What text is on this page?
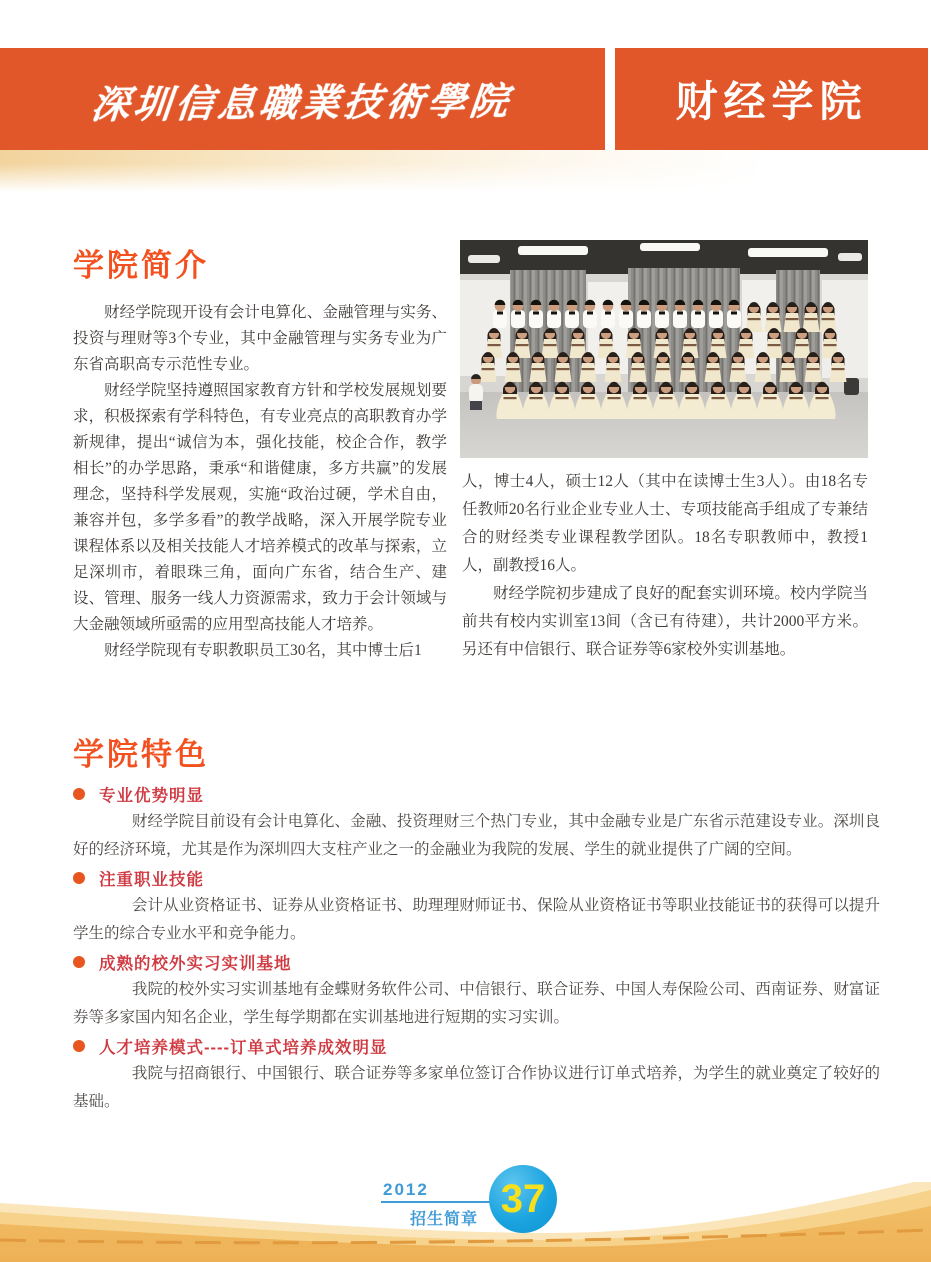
深圳信息職業技術學院	财经学院
学院简介

财经学院现开设有会计电算化、金融管理与实务、投资与理财等3个专业，其中金融管理与实务专业为广东省高职高专示范性专业。

财经学院坚持遵照国家教育方针和学校发展规划要求，积极探索有学科特色，有专业亮点的高职教育办学新规律，提出“诚信为本，强化技能，校企合作，教学相长”的办学思路，秉承“和谐健康，多方共赢”的发展理念，坚持科学发展观，实施“政治过硬，学术自由，兼容并包，多学多看”的教学战略，深入开展学院专业课程体系以及相关技能人才培养模式的改革与探索，立足深圳市，着眼珠三角，面向广东省，结合生产、建设、管理、服务一线人力资源需求，致力于会计领域与大金融领域所亟需的应用型高技能人才培养。

财经学院现有专职教职员工30名，其中博士后1

人，博士4人，硕士12人（其中在读博士生3人）。由18名专任教师20名行业企业专业人士、专项技能高手组成了专兼结合的财经类专业课程教学团队。18名专职教师中，教授1人，副教授16人。

财经学院初步建成了良好的配套实训环境。校内学院当前共有校内实训室13间（含已有待建），共计2000平方米。另还有中信银行、联合证券等6家校外实训基地。

学院特色
专业优势明显

财经学院目前设有会计电算化、金融、投资理财三个热门专业，其中金融专业是广东省示范建设专业。深圳良好的经济环境，尤其是作为深圳四大支柱产业之一的金融业为我院的发展、学生的就业提供了广阔的空间。

注重职业技能

会计从业资格证书、证券从业资格证书、助理理财师证书、保险从业资格证书等职业技能证书的获得可以提升学生的综合专业水平和竞争能力。

成熟的校外实习实训基地

我院的校外实习实训基地有金蝶财务软件公司、中信银行、联合证券、中国人寿保险公司、西南证券、财富证券等多家国内知名企业，学生每学期都在实训基地进行短期的实习实训。

人才培养模式----订单式培养成效明显

我院与招商银行、中国银行、联合证券等多家单位签订合作协议进行订单式培养，为学生的就业奠定了较好的基础。

2012
招生简章 37
